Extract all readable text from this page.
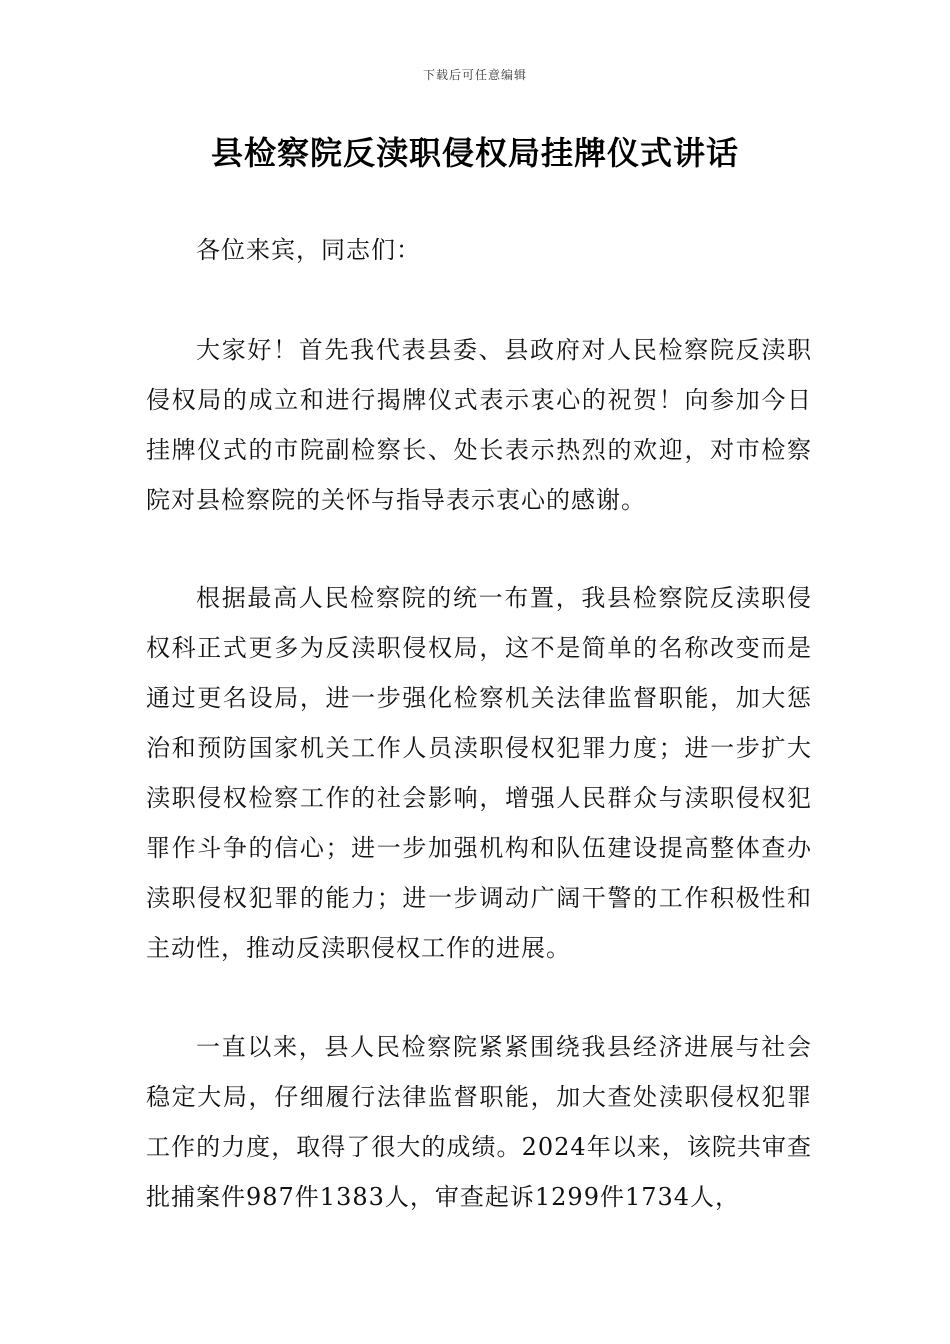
下载后可任意编辑
县检察院反渎职侵权局挂牌仪式讲话

各位来宾，同志们：

大家好！首先我代表县委、县政府对人民检察院反渎职侵权局的成立和进行揭牌仪式表示衷心的祝贺！向参加今日挂牌仪式的市院副检察长、处长表示热烈的欢迎，对市检察院对县检察院的关怀与指导表示衷心的感谢。

根据最高人民检察院的统一布置，我县检察院反渎职侵权科正式更多为反渎职侵权局，这不是简单的名称改变而是通过更名设局，进一步强化检察机关法律监督职能，加大惩治和预防国家机关工作人员渎职侵权犯罪力度；进一步扩大渎职侵权检察工作的社会影响，增强人民群众与渎职侵权犯罪作斗争的信心；进一步加强机构和队伍建设提高整体查办渎职侵权犯罪的能力；进一步调动广阔干警的工作积极性和主动性，推动反渎职侵权工作的进展。

一直以来，县人民检察院紧紧围绕我县经济进展与社会稳定大局，仔细履行法律监督职能，加大查处渎职侵权犯罪工作的力度，取得了很大的成绩。2024年以来，该院共审查批捕案件987件1383人，审查起诉1299件1734人，
